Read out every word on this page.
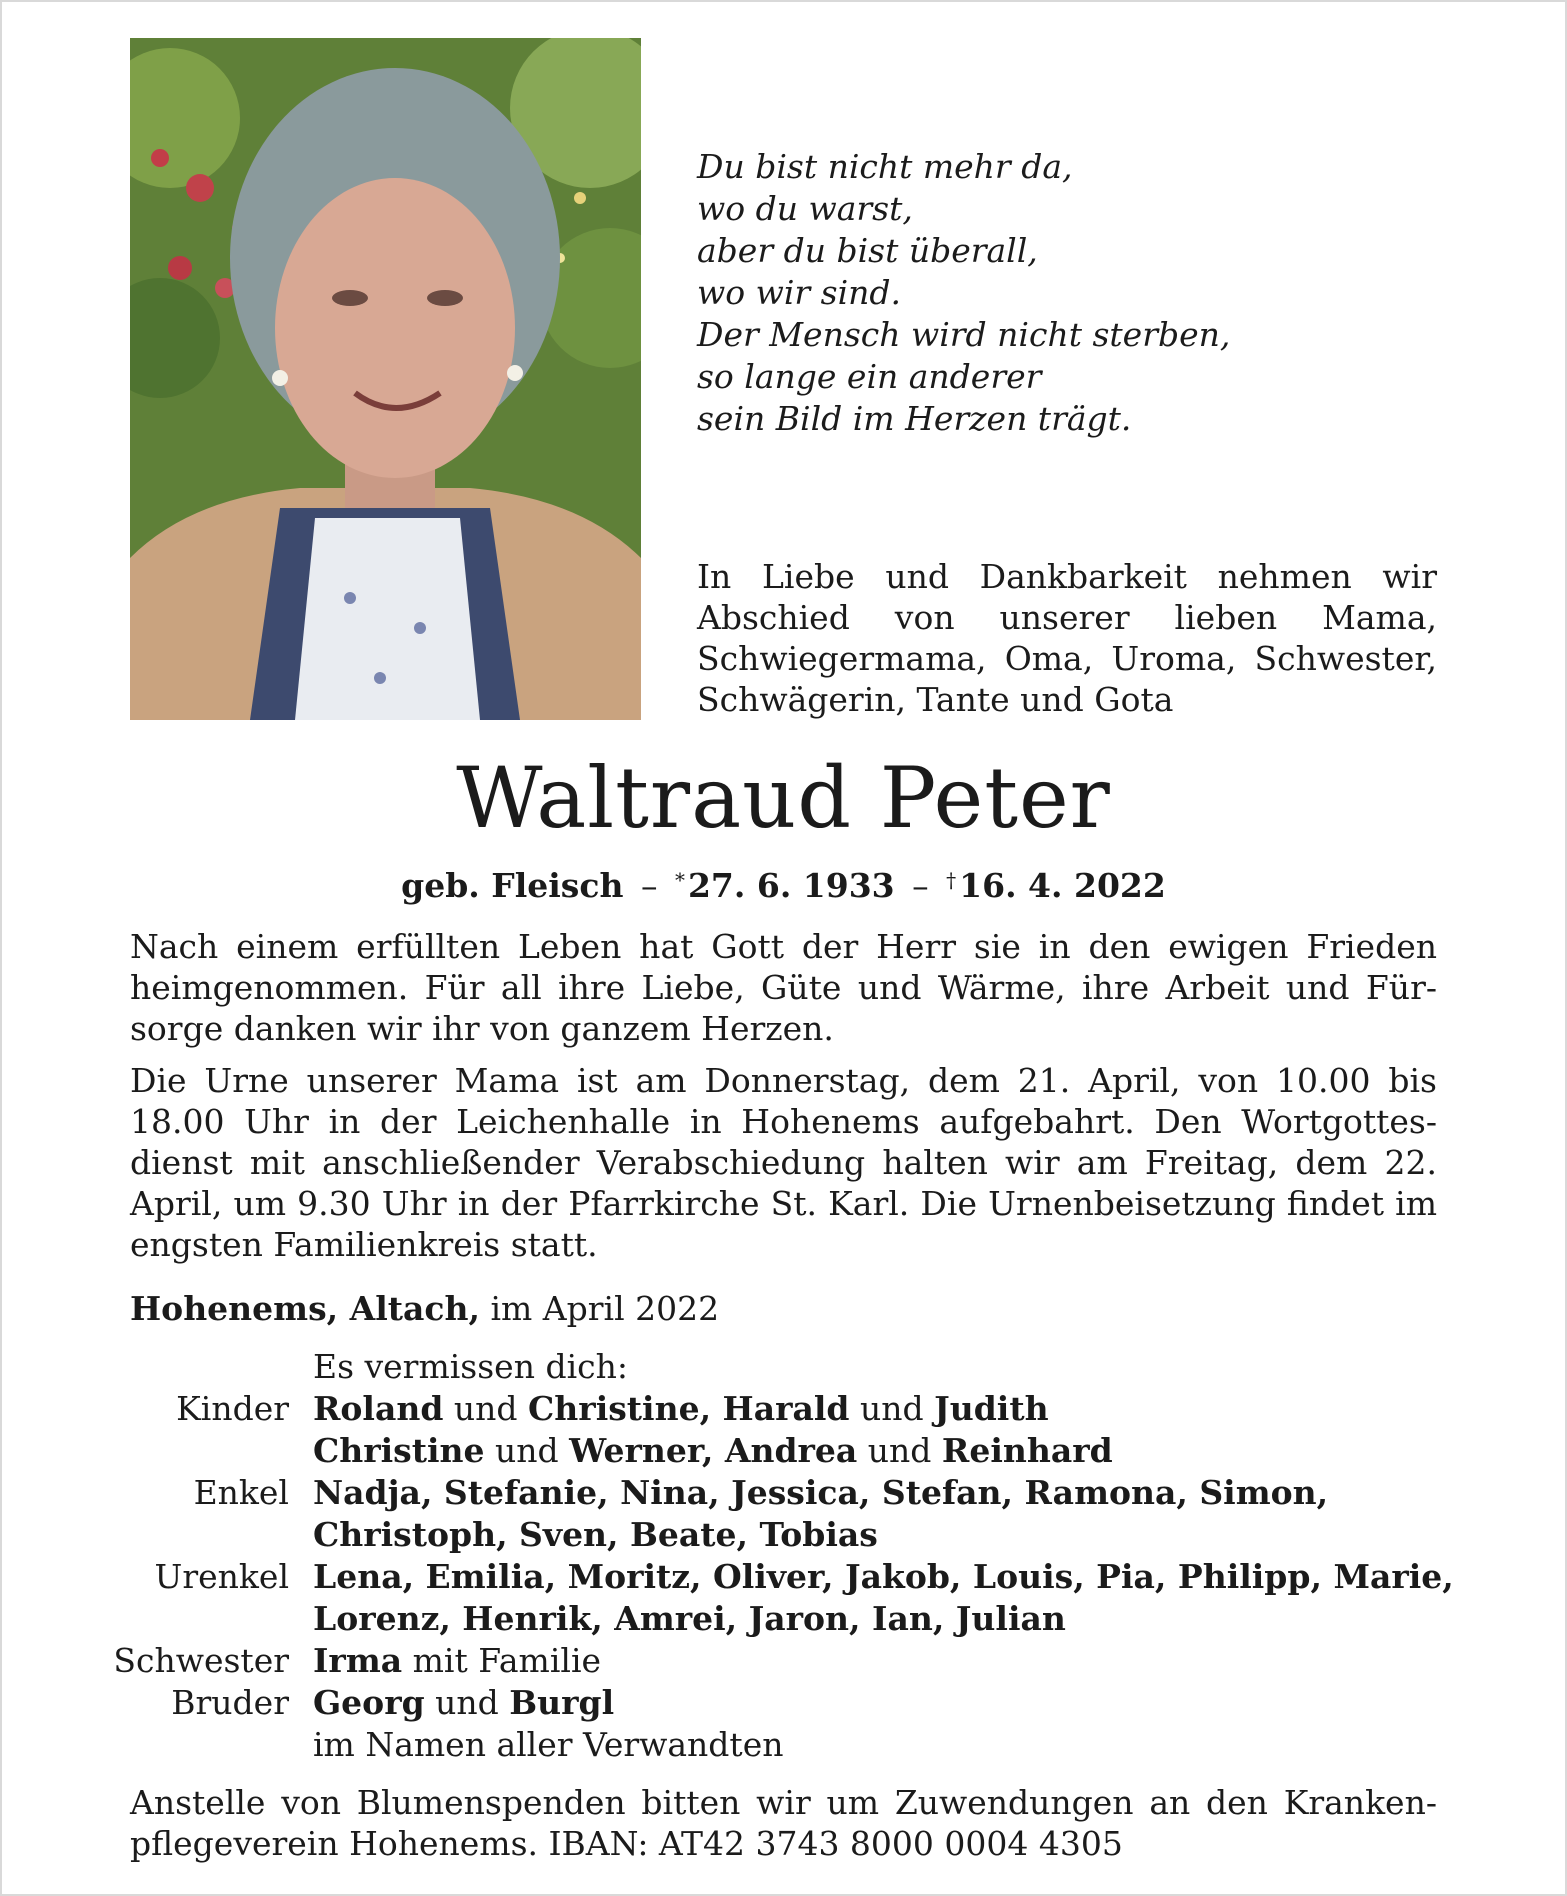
Du bist nicht mehr da,
wo du warst,
aber du bist überall,
wo wir sind.
Der Mensch wird nicht sterben,
so lange ein anderer
sein Bild im Herzen trägt.

In Liebe und Dankbarkeit nehmen wir Abschied von unserer lieben Mama, Schwiegermama, Oma, Uroma, Schwester, Schwägerin, Tante und Gota

Waltraud Peter
geb. Fleisch – *27. 6. 1933 – †16. 4. 2022

Nach einem erfüllten Leben hat Gott der Herr sie in den ewigen Frieden heimgenommen. Für all ihre Liebe, Güte und Wärme, ihre Arbeit und Fürsorge danken wir ihr von ganzem Herzen.

Die Urne unserer Mama ist am Donnerstag, dem 21. April, von 10.00 bis 18.00 Uhr in der Leichenhalle in Hohenems aufgebahrt. Den Wortgottesdienst mit anschließender Verabschiedung halten wir am Freitag, dem 22. April, um 9.30 Uhr in der Pfarrkirche St. Karl. Die Urnenbeisetzung findet im engsten Familienkreis statt.

Hohenems, Altach, im April 2022
Es vermissen dich:
Kinder Roland und Christine, Harald und Judith
Christine und Werner, Andrea und Reinhard
Enkel Nadja, Stefanie, Nina, Jessica, Stefan, Ramona, Simon,
Christoph, Sven, Beate, Tobias
Urenkel Lena, Emilia, Moritz, Oliver, Jakob, Louis, Pia, Philipp, Marie,
Lorenz, Henrik, Amrei, Jaron, Ian, Julian
Schwester Irma mit Familie
Bruder Georg und Burgl
im Namen aller Verwandten

Anstelle von Blumenspenden bitten wir um Zuwendungen an den Krankenpflegeverein Hohenems. IBAN: AT42 3743 8000 0004 4305
